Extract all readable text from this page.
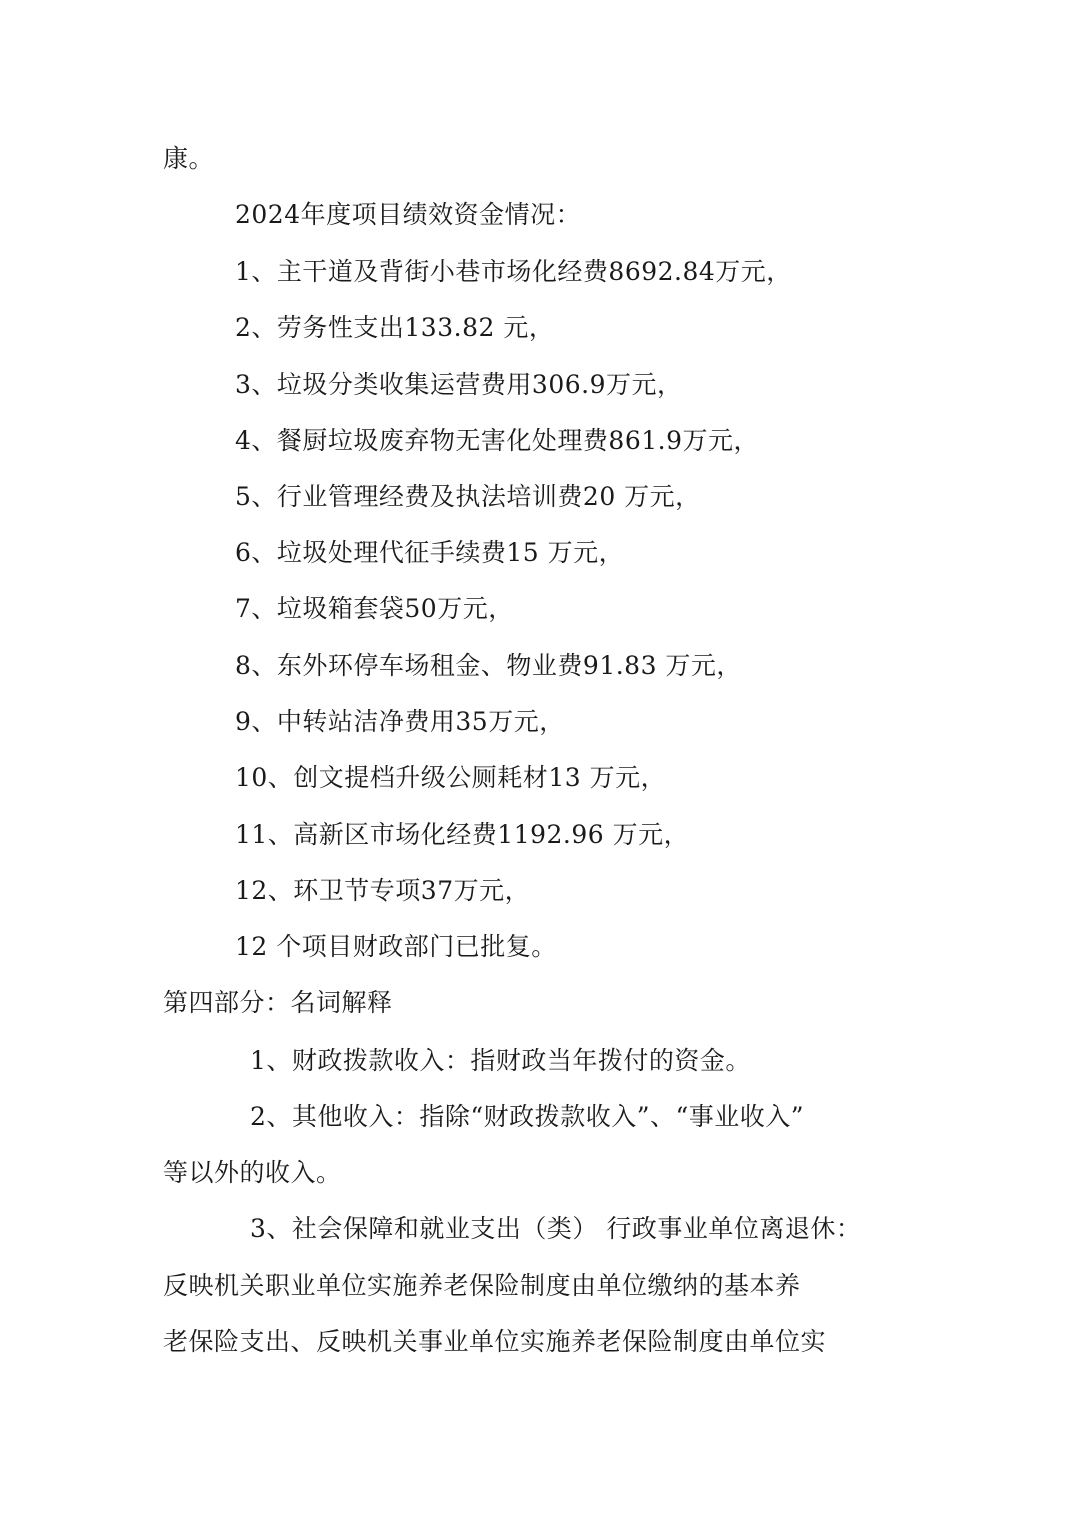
康。
2024年度项目绩效资金情况：
1、主干道及背街小巷市场化经费8692.84万元，
2、劳务性支出133.82 元，
3、垃圾分类收集运营费用306.9万元，
4、餐厨垃圾废弃物无害化处理费861.9万元，
5、行业管理经费及执法培训费20 万元，
6、垃圾处理代征手续费15 万元，
7、垃圾箱套袋50万元，
8、东外环停车场租金、物业费91.83 万元，
9、中转站洁净费用35万元，
10、创文提档升级公厕耗材13 万元，
11、高新区市场化经费1192.96 万元，
12、环卫节专项37万元，
12 个项目财政部门已批复。
第四部分：名词解释
1、财政拨款收入：指财政当年拨付的资金。
2、其他收入：指除“财政拨款收入”、“事业收入”
等以外的收入。
3、社会保障和就业支出（类） 行政事业单位离退休：
反映机关职业单位实施养老保险制度由单位缴纳的基本养
老保险支出、反映机关事业单位实施养老保险制度由单位实
